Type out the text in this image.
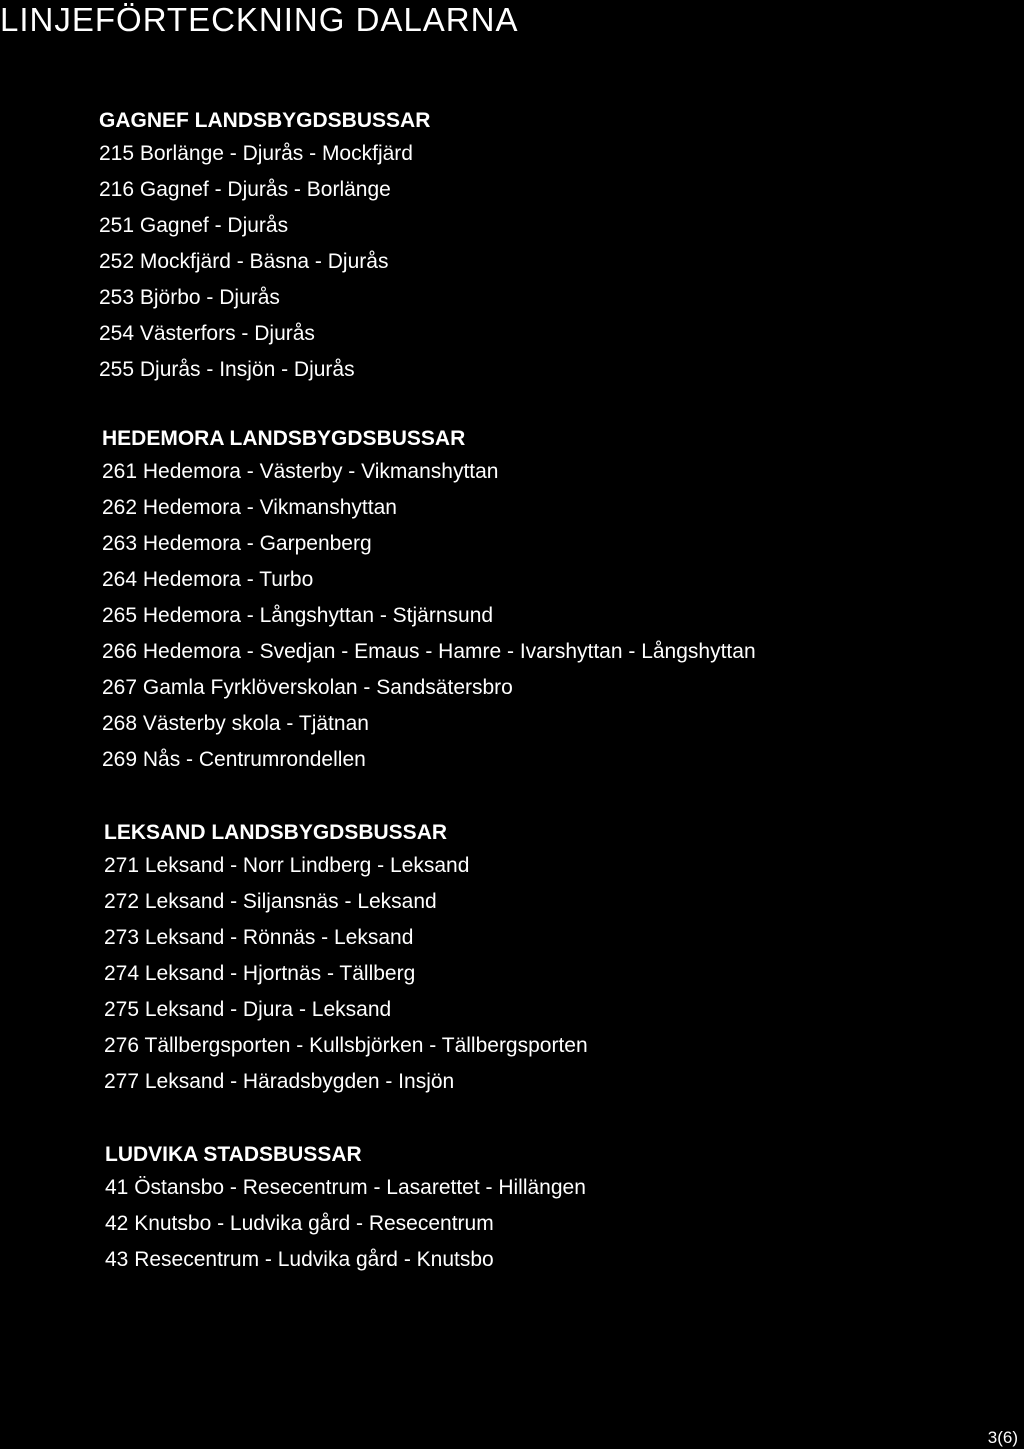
LINJEFÖRTECKNING DALARNA
GAGNEF LANDSBYGDSBUSSAR
215 Borlänge - Djurås - Mockfjärd
216 Gagnef - Djurås - Borlänge
251 Gagnef - Djurås
252 Mockfjärd - Bäsna - Djurås
253 Björbo - Djurås
254 Västerfors - Djurås
255 Djurås - Insjön - Djurås
HEDEMORA LANDSBYGDSBUSSAR
261 Hedemora - Västerby - Vikmanshyttan
262 Hedemora - Vikmanshyttan
263 Hedemora - Garpenberg
264 Hedemora - Turbo
265 Hedemora - Långshyttan - Stjärnsund
266 Hedemora - Svedjan - Emaus - Hamre - Ivarshyttan - Långshyttan
267 Gamla Fyrklöverskolan - Sandsätersbro
268 Västerby skola - Tjätnan
269 Nås - Centrumrondellen
LEKSAND LANDSBYGDSBUSSAR
271 Leksand - Norr Lindberg - Leksand
272 Leksand - Siljansnäs - Leksand
273 Leksand - Rönnäs - Leksand
274 Leksand - Hjortnäs - Tällberg
275 Leksand - Djura - Leksand
276 Tällbergsporten - Kullsbjörken - Tällbergsporten
277 Leksand - Häradsbygden - Insjön
LUDVIKA STADSBUSSAR
41 Östansbo - Resecentrum - Lasarettet - Hillängen
42 Knutsbo - Ludvika gård - Resecentrum
43 Resecentrum - Ludvika gård - Knutsbo
3(6)
